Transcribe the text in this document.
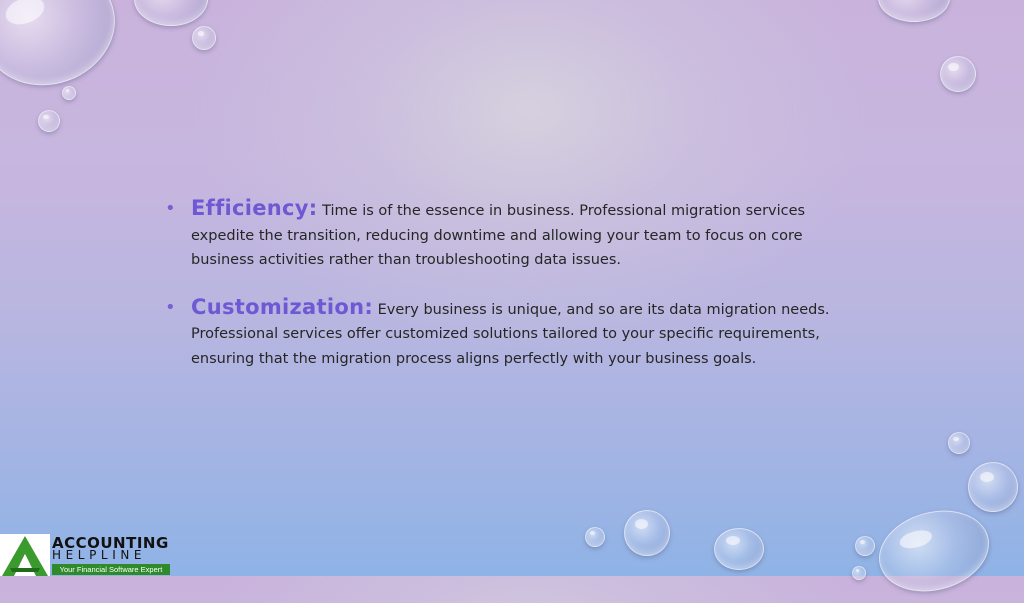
• Efficiency: Time is of the essence in business. Professional migration services

expedite the transition, reducing downtime and allowing your team to focus on core

business activities rather than troubleshooting data issues.

• Customization: Every business is unique, and so are its data migration needs.

Professional services offer customized solutions tailored to your specific requirements,

ensuring that the migration process aligns perfectly with your business goals.

ACCOUNTING
HELPLINE
Your Financial Software Expert
